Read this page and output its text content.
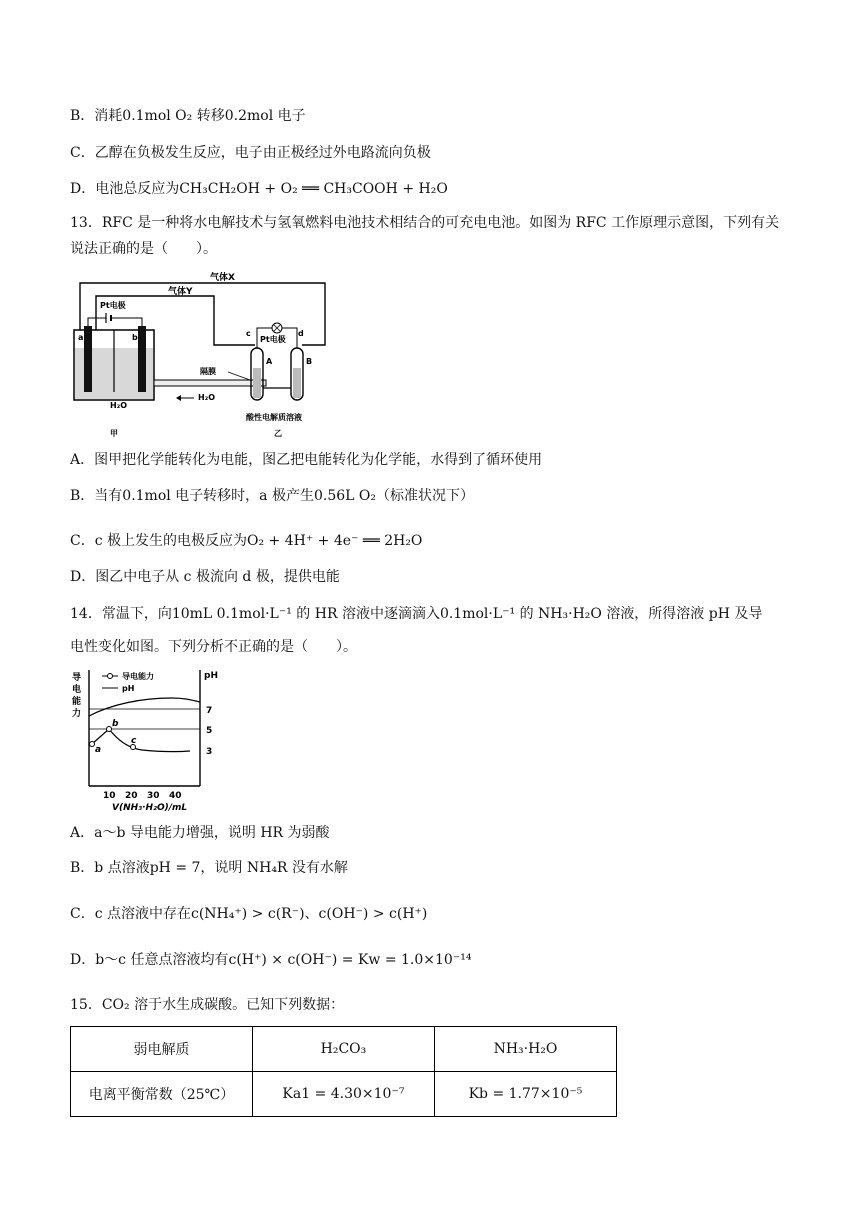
B．消耗0.1mol O₂ 转移0.2mol 电子
C．乙醇在负极发生反应，电子由正极经过外电路流向负极
D．电池总反应为CH₃CH₂OH + O₂ ══ CH₃COOH + H₂O
13．RFC 是一种将水电解技术与氢氧燃料电池技术相结合的可充电电池。如图为 RFC 工作原理示意图，下列有关说法正确的是（　　）。
气体X
气体Y
Pt电极
a	b
H₂O
甲
隔膜
H₂O
Pt电极
c	d
A	B
酸性电解质溶液
乙
A．图甲把化学能转化为电能，图乙把电能转化为化学能，水得到了循环使用
B．当有0.1mol 电子转移时，a 极产生0.56L O₂（标准状况下）
C．c 极上发生的电极反应为O₂ + 4H⁺ + 4e⁻ ══ 2H₂O
D．图乙中电子从 c 极流向 d 极，提供电能
14．常温下，向10mL 0.1mol·L⁻¹ 的 HR 溶液中逐滴滴入0.1mol·L⁻¹ 的 NH₃·H₂O 溶液，所得溶液 pH 及导
电性变化如图。下列分析不正确的是（　　）。
导
电
能
力
pH
导电能力
pH
7
5
3
a
b
c
10 20 30 40
V(NH₃·H₂O)/mL
A．a～b 导电能力增强，说明 HR 为弱酸
B．b 点溶液pH = 7，说明 NH₄R 没有水解
C．c 点溶液中存在c(NH₄⁺) > c(R⁻)、c(OH⁻) > c(H⁺)
D．b～c 任意点溶液均有c(H⁺) × c(OH⁻) = Kw = 1.0×10⁻¹⁴
15．CO₂ 溶于水生成碳酸。已知下列数据：
弱电解质	H₂CO₃	NH₃·H₂O
电离平衡常数（25℃）	Ka1 = 4.30×10⁻⁷	Kb = 1.77×10⁻⁵
